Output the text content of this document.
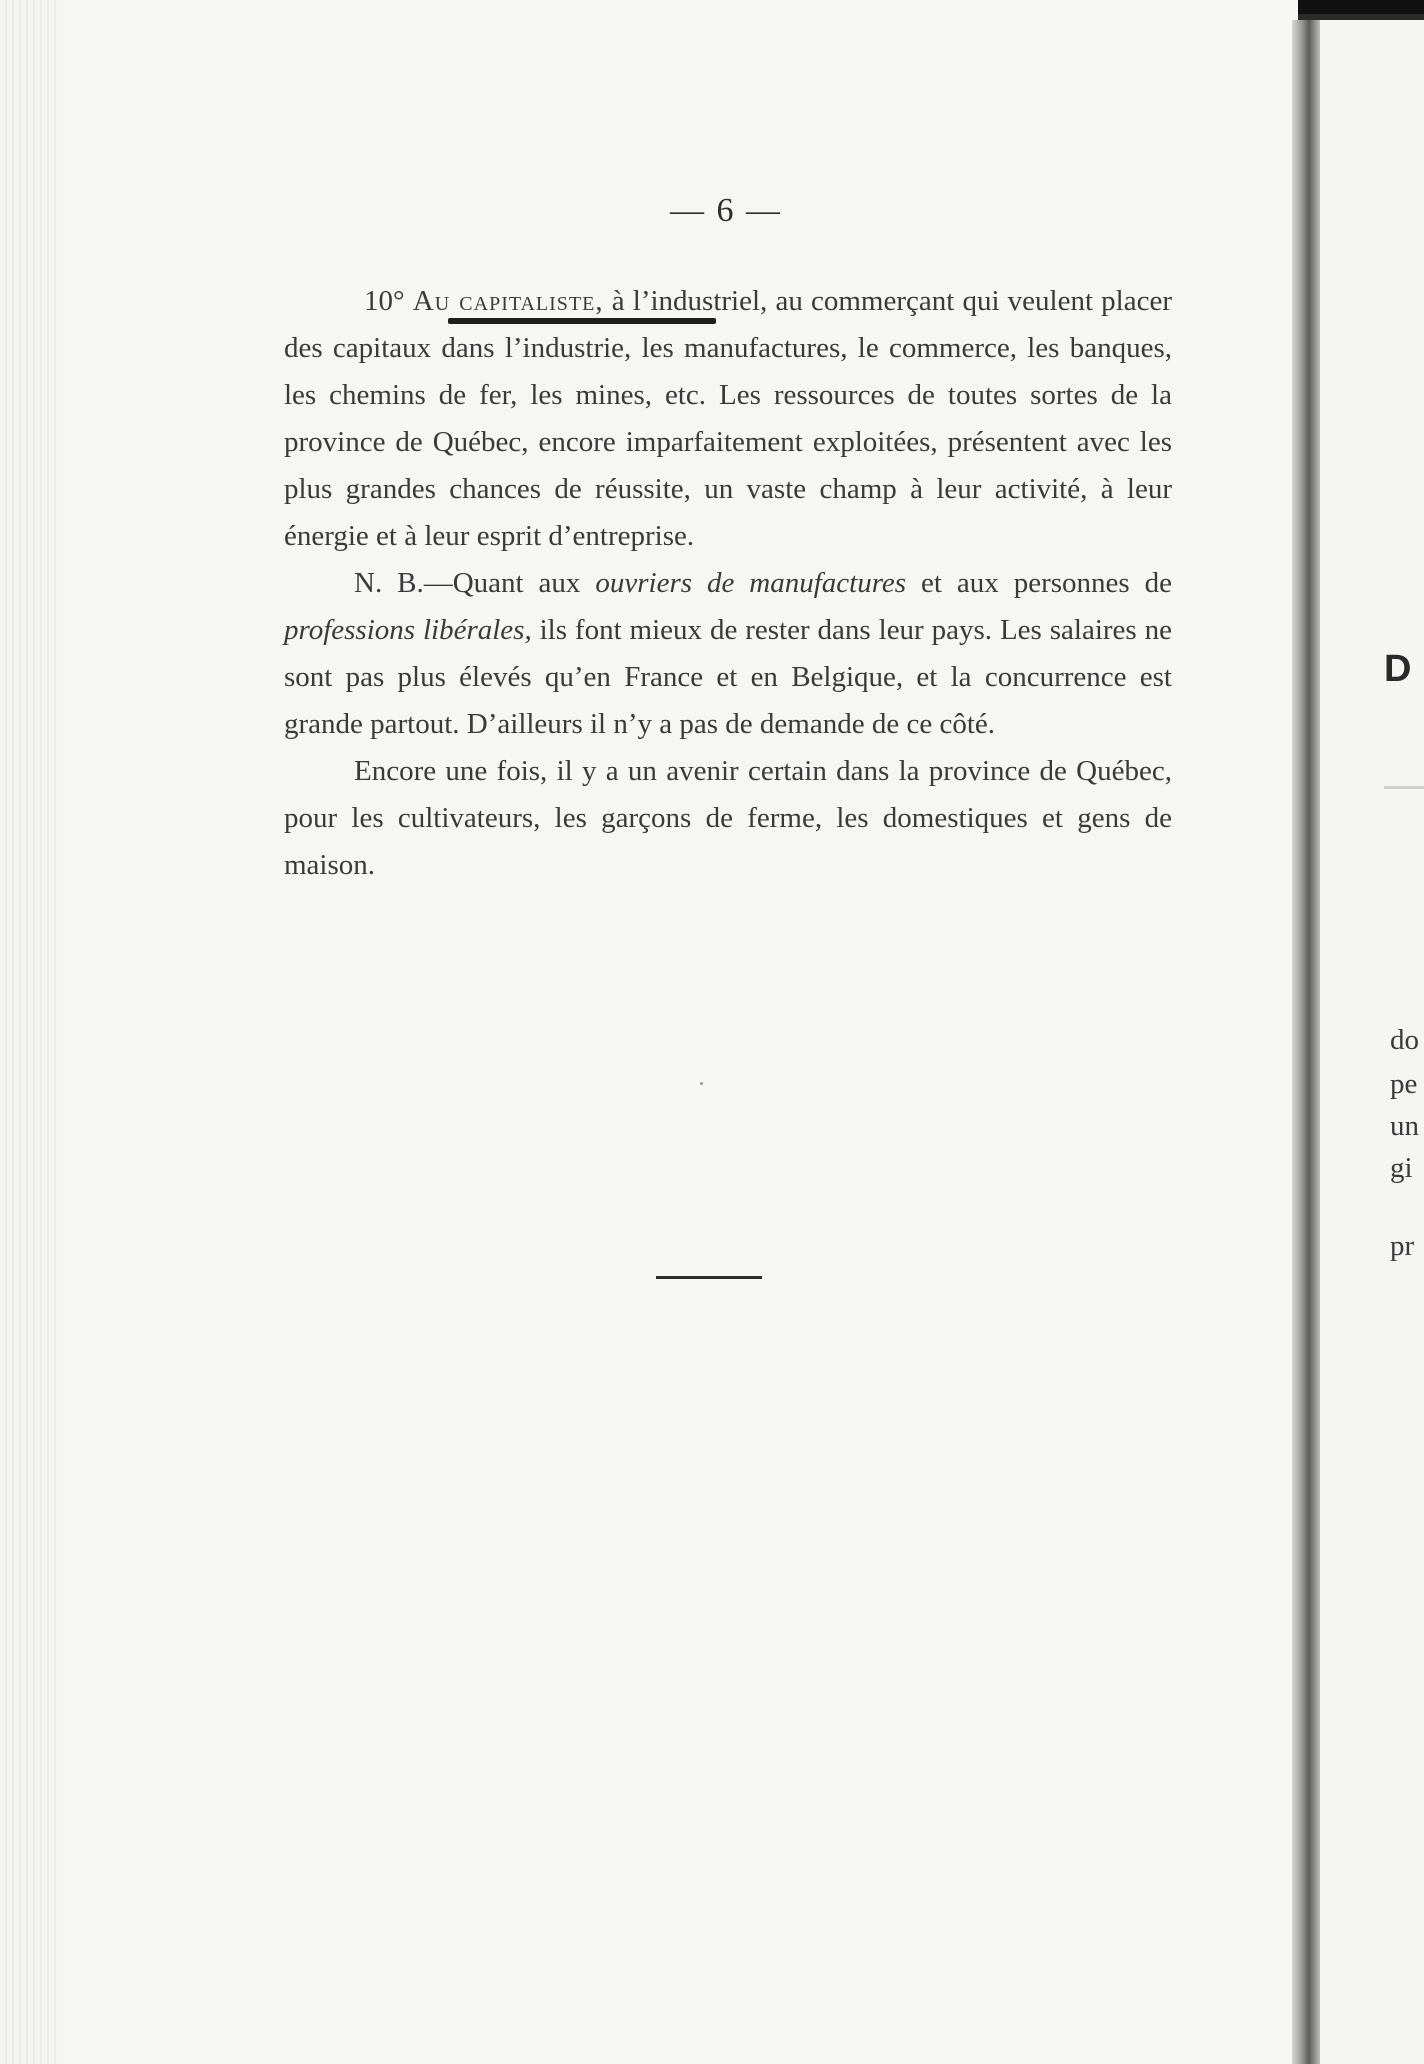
— 6 —

10° Au capitaliste, à l’industriel, au commerçant qui veulent placer des capitaux dans l’industrie, les manufactures, le commerce, les banques, les chemins de fer, les mines, etc. Les ressources de toutes sortes de la province de Québec, encore imparfaitement exploitées, présentent avec les plus grandes chances de réussite, un vaste champ à leur activité, à leur énergie et à leur esprit d’entreprise.

N. B.—Quant aux ouvriers de manufactures et aux personnes de professions libérales, ils font mieux de rester dans leur pays. Les salaires ne sont pas plus élevés qu’en France et en Belgique, et la concurrence est grande partout. D’ailleurs il n’y a pas de demande de ce côté.

Encore une fois, il y a un avenir certain dans la province de Québec, pour les cultivateurs, les garçons de ferme, les domestiques et gens de maison.

D
do
pe
un
gi
pr
